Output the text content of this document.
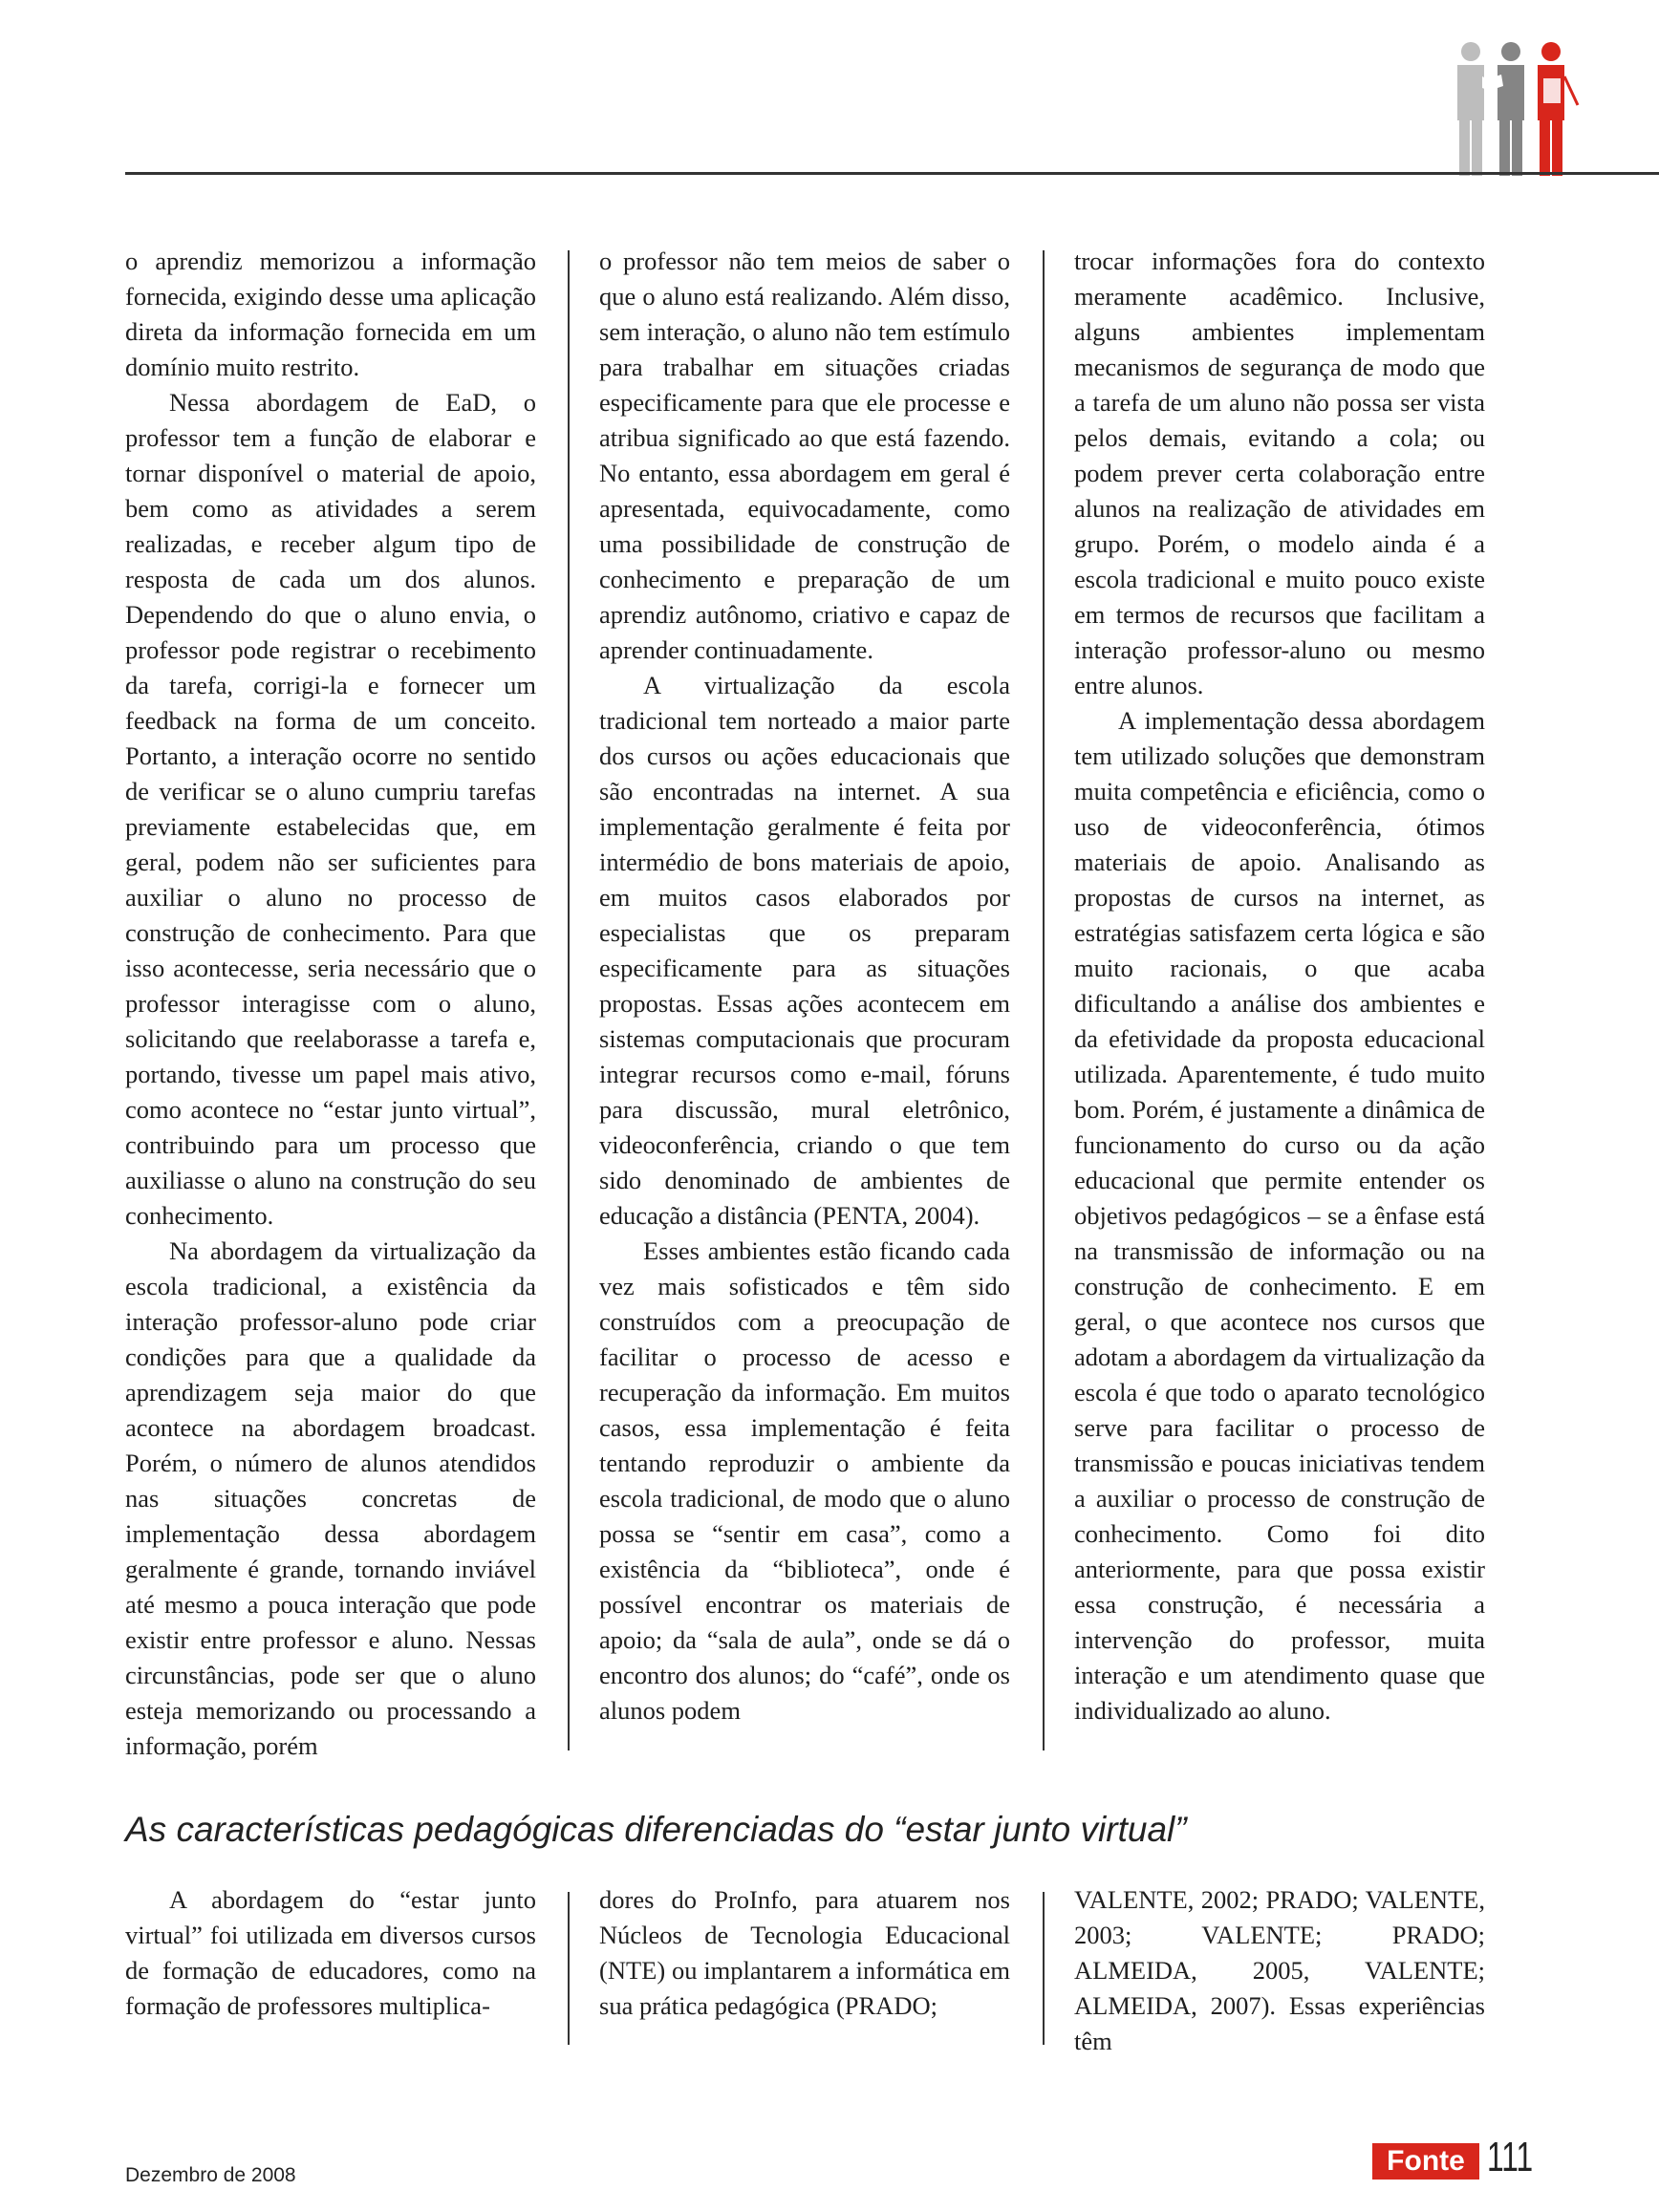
o aprendiz memorizou a informação fornecida, exigindo desse uma aplicação direta da informação fornecida em um domínio muito restrito.

Nessa abordagem de EaD, o professor tem a função de elaborar e tornar disponível o material de apoio, bem como as atividades a serem realizadas, e receber algum tipo de resposta de cada um dos alunos. Dependendo do que o aluno envia, o professor pode registrar o recebimento da tarefa, corrigi-la e fornecer um feedback na forma de um conceito. Portanto, a interação ocorre no sentido de verificar se o aluno cumpriu tarefas previamente estabelecidas que, em geral, podem não ser suficientes para auxiliar o aluno no processo de construção de conhecimento. Para que isso acontecesse, seria necessário que o professor interagisse com o aluno, solicitando que reelaborasse a tarefa e, portando, tivesse um papel mais ativo, como acontece no “estar junto virtual”, contribuindo para um processo que auxiliasse o aluno na construção do seu conhecimento.

Na abordagem da virtualização da escola tradicional, a existência da interação professor-aluno pode criar condições para que a qualidade da aprendizagem seja maior do que acontece na abordagem broadcast. Porém, o número de alunos atendidos nas situações concretas de implementação dessa abordagem geralmente é grande, tornando inviável até mesmo a pouca interação que pode existir entre professor e aluno. Nessas circunstâncias, pode ser que o aluno esteja memorizando ou processando a informação, porém

o professor não tem meios de saber o que o aluno está realizando. Além disso, sem interação, o aluno não tem estímulo para trabalhar em situações criadas especificamente para que ele processe e atribua significado ao que está fazendo. No entanto, essa abordagem em geral é apresentada, equivocadamente, como uma possibilidade de construção de conhecimento e preparação de um aprendiz autônomo, criativo e capaz de aprender continuadamente.

A virtualização da escola tradicional tem norteado a maior parte dos cursos ou ações educacionais que são encontradas na internet. A sua implementação geralmente é feita por intermédio de bons materiais de apoio, em muitos casos elaborados por especialistas que os preparam especificamente para as situações propostas. Essas ações acontecem em sistemas computacionais que procuram integrar recursos como e-mail, fóruns para discussão, mural eletrônico, videoconferência, criando o que tem sido denominado de ambientes de educação a distância (PENTA, 2004).

Esses ambientes estão ficando cada vez mais sofisticados e têm sido construídos com a preocupação de facilitar o processo de acesso e recuperação da informação. Em muitos casos, essa implementação é feita tentando reproduzir o ambiente da escola tradicional, de modo que o aluno possa se “sentir em casa”, como a existência da “biblioteca”, onde é possível encontrar os materiais de apoio; da “sala de aula”, onde se dá o encontro dos alunos; do “café”, onde os alunos podem

trocar informações fora do contexto meramente acadêmico. Inclusive, alguns ambientes implementam mecanismos de segurança de modo que a tarefa de um aluno não possa ser vista pelos demais, evitando a cola; ou podem prever certa colaboração entre alunos na realização de atividades em grupo. Porém, o modelo ainda é a escola tradicional e muito pouco existe em termos de recursos que facilitam a interação professor-aluno ou mesmo entre alunos.

A implementação dessa abordagem tem utilizado soluções que demonstram muita competência e eficiência, como o uso de videoconferência, ótimos materiais de apoio. Analisando as propostas de cursos na internet, as estratégias satisfazem certa lógica e são muito racionais, o que acaba dificultando a análise dos ambientes e da efetividade da proposta educacional utilizada. Aparentemente, é tudo muito bom. Porém, é justamente a dinâmica de funcionamento do curso ou da ação educacional que permite entender os objetivos pedagógicos – se a ênfase está na transmissão de informação ou na construção de conhecimento. E em geral, o que acontece nos cursos que adotam a abordagem da virtualização da escola é que todo o aparato tecnológico serve para facilitar o processo de transmissão e poucas iniciativas tendem a auxiliar o processo de construção de conhecimento. Como foi dito anteriormente, para que possa existir essa construção, é necessária a intervenção do professor, muita interação e um atendimento quase que individualizado ao aluno.

As características pedagógicas diferenciadas do “estar junto virtual”

A abordagem do “estar junto virtual” foi utilizada em diversos cursos de formação de educadores, como na formação de professores multiplica-

dores do ProInfo, para atuarem nos Núcleos de Tecnologia Educacional (NTE) ou implantarem a informática em sua prática pedagógica (PRADO;

VALENTE, 2002; PRADO; VALENTE, 2003; VALENTE; PRADO; ALMEIDA, 2005, VALENTE; ALMEIDA, 2007). Essas experiências têm

Dezembro de 2008	Fonte 111
